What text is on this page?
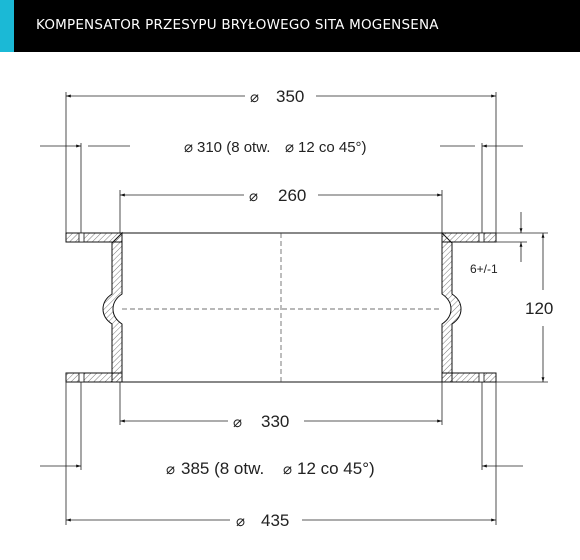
KOMPENSATOR PRZESYPU BRYŁOWEGO SITA MOGENSENA
⌀ 350
⌀ 310 (8 otw. ⌀ 12 co 45°)
⌀ 260
⌀ 330
⌀ 385 (8 otw. ⌀ 12 co 45°)
⌀ 435
120
6+/-1
